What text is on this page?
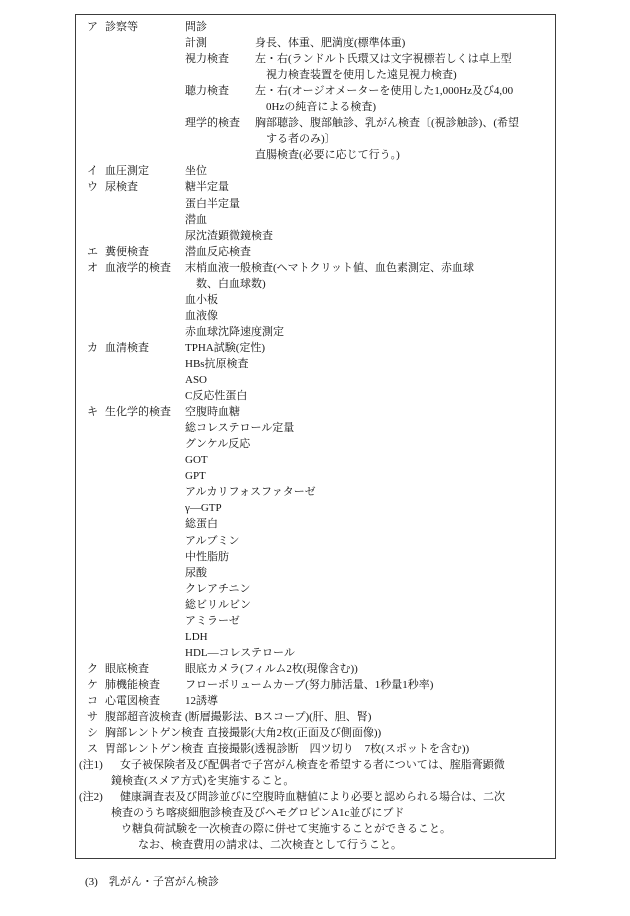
ア 診察等	問診
計測	身長、体重、肥満度(標準体重)
視力検査 左・右(ランドルト氏環又は文字視標若しくは卓上型
視力検査装置を使用した遠見視力検査)
聴力検査 左・右(オージオメーターを使用した1,000Hz及び4,00
0Hzの純音による検査)
理学的検査 胸部聴診、腹部触診、乳がん検査〔(視診触診)、(希望
する者のみ)〕
直腸検査(必要に応じて行う。)
イ 血圧測定	坐位
ウ 尿検査	糖半定量
蛋白半定量
潜血
尿沈渣顕微鏡検査
エ 糞便検査	潜血反応検査
オ 血液学的検査 末梢血液一般検査(ヘマトクリット値、血色素測定、赤血球
数、白血球数)
血小板
血液像
赤血球沈降速度測定
カ 血清検査	TPHA試験(定性)
HBs抗原検査
ASO
C反応性蛋白
キ 生化学的検査 空腹時血糖
総コレステロール定量
グンケル反応
GOT
GPT
アルカリフォスファターゼ
γ―GTP
総蛋白
アルブミン
中性脂肪
尿酸
クレアチニン
総ビリルビン
アミラーゼ
LDH
HDL―コレステロール
ク 眼底検査	眼底カメラ(フィルム2枚(現像含む))
ケ 肺機能検査 フローボリュームカーブ(努力肺活量、1秒量1秒率)
コ 心電図検査 12誘導
サ 腹部超音波検査 (断層撮影法、Bスコープ)(肝、胆、腎)
シ 胸部レントゲン検査 直接撮影(大角2枚(正面及び側面像))
ス 胃部レントゲン検査 直接撮影(透視診断　四ツ切り　7枚(スポットを含む))
(注1) 女子被保険者及び配偶者で子宮がん検査を希望する者については、腟脂膏顕微
鏡検査(スメア方式)を実施すること。
(注2) 健康調査表及び問診並びに空腹時血糖値により必要と認められる場合は、二次
検査のうち喀痰細胞診検査及びヘモグロビンA1c並びにブド
ウ糖負荷試験を一次検査の際に併せて実施することができること。
なお、検査費用の請求は、二次検査として行うこと。
(3)　乳がん・子宮がん検診
